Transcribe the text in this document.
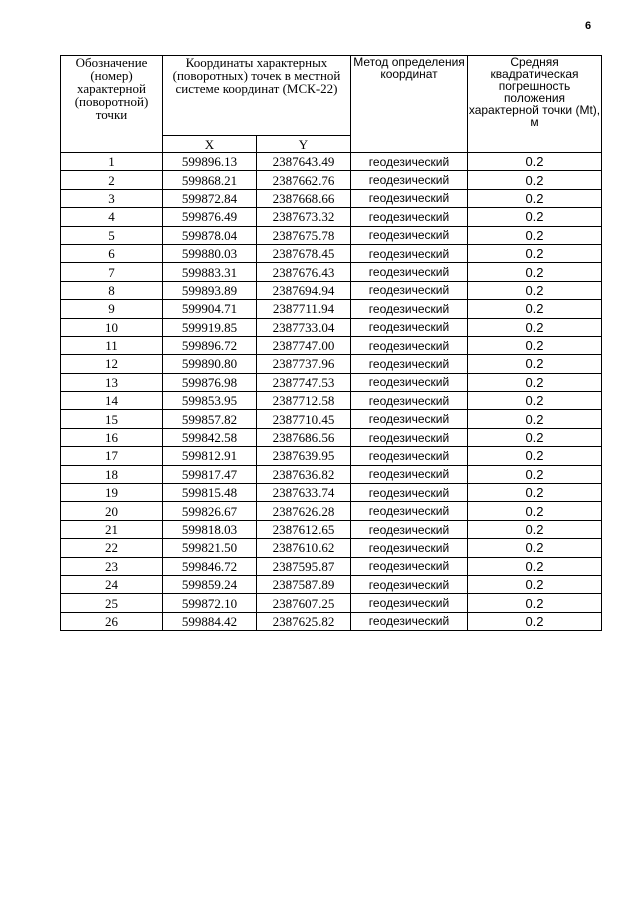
6
Обозначение (номер) характерной (поворотной) точки	Координаты характерных (поворотных) точек в местной системе координат (МСК-22)		Метод определения координат	Средняя квадратическая погрешность положения характерной точки (Mt), м
	X	Y		
1	599896.13	2387643.49	геодезический	0.2
2	599868.21	2387662.76	геодезический	0.2
3	599872.84	2387668.66	геодезический	0.2
4	599876.49	2387673.32	геодезический	0.2
5	599878.04	2387675.78	геодезический	0.2
6	599880.03	2387678.45	геодезический	0.2
7	599883.31	2387676.43	геодезический	0.2
8	599893.89	2387694.94	геодезический	0.2
9	599904.71	2387711.94	геодезический	0.2
10	599919.85	2387733.04	геодезический	0.2
11	599896.72	2387747.00	геодезический	0.2
12	599890.80	2387737.96	геодезический	0.2
13	599876.98	2387747.53	геодезический	0.2
14	599853.95	2387712.58	геодезический	0.2
15	599857.82	2387710.45	геодезический	0.2
16	599842.58	2387686.56	геодезический	0.2
17	599812.91	2387639.95	геодезический	0.2
18	599817.47	2387636.82	геодезический	0.2
19	599815.48	2387633.74	геодезический	0.2
20	599826.67	2387626.28	геодезический	0.2
21	599818.03	2387612.65	геодезический	0.2
22	599821.50	2387610.62	геодезический	0.2
23	599846.72	2387595.87	геодезический	0.2
24	599859.24	2387587.89	геодезический	0.2
25	599872.10	2387607.25	геодезический	0.2
26	599884.42	2387625.82	геодезический	0.2
